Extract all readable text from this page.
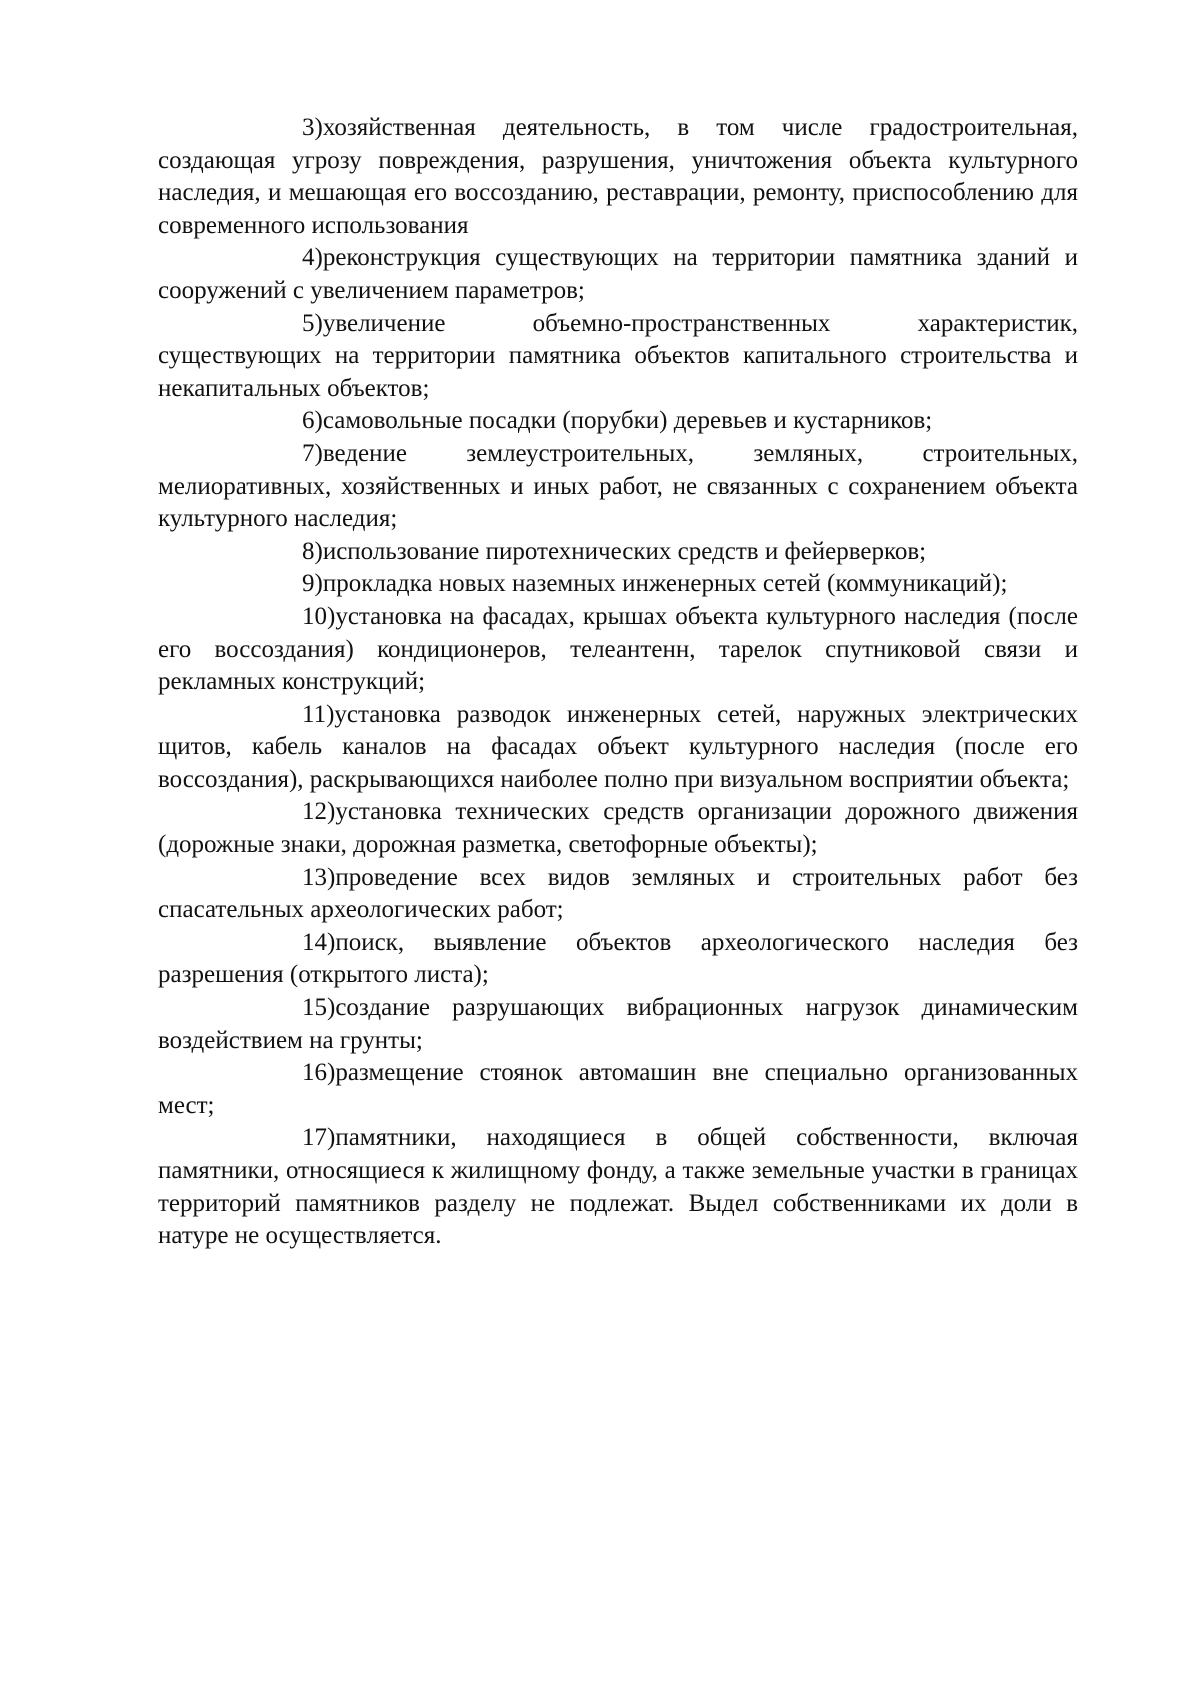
3)хозяйственная деятельность, в том числе градостроительная, создающая угрозу повреждения, разрушения, уничтожения объекта культурного наследия, и мешающая его воссозданию, реставрации, ремонту, приспособлению для современного использования

4)реконструкция существующих на территории памятника зданий и сооружений с увеличением параметров;

5)увеличение объемно-пространственных характеристик, существующих на территории памятника объектов капитального строительства и некапитальных объектов;

6)самовольные посадки (порубки) деревьев и кустарников;

7)ведение землеустроительных, земляных, строительных, мелиоративных, хозяйственных и иных работ, не связанных с сохранением объекта культурного наследия;

8)использование пиротехнических средств и фейерверков;

9)прокладка новых наземных инженерных сетей (коммуникаций);

10)установка на фасадах, крышах объекта культурного наследия (после его воссоздания) кондиционеров, телеантенн, тарелок спутниковой связи и рекламных конструкций;

11)установка разводок инженерных сетей, наружных электрических щитов, кабель каналов на фасадах объект культурного наследия (после его воссоздания), раскрывающихся наиболее полно при визуальном восприятии объекта;

12)установка технических средств организации дорожного движения (дорожные знаки, дорожная разметка, светофорные объекты);

13)проведение всех видов земляных и строительных работ без спасательных археологических работ;

14)поиск, выявление объектов археологического наследия без разрешения (открытого листа);

15)создание разрушающих вибрационных нагрузок динамическим воздействием на грунты;

16)размещение стоянок автомашин вне специально организованных мест;

17)памятники, находящиеся в общей собственности, включая памятники, относящиеся к жилищному фонду, а также земельные участки в границах территорий памятников разделу не подлежат. Выдел собственниками их доли в натуре не осуществляется.
